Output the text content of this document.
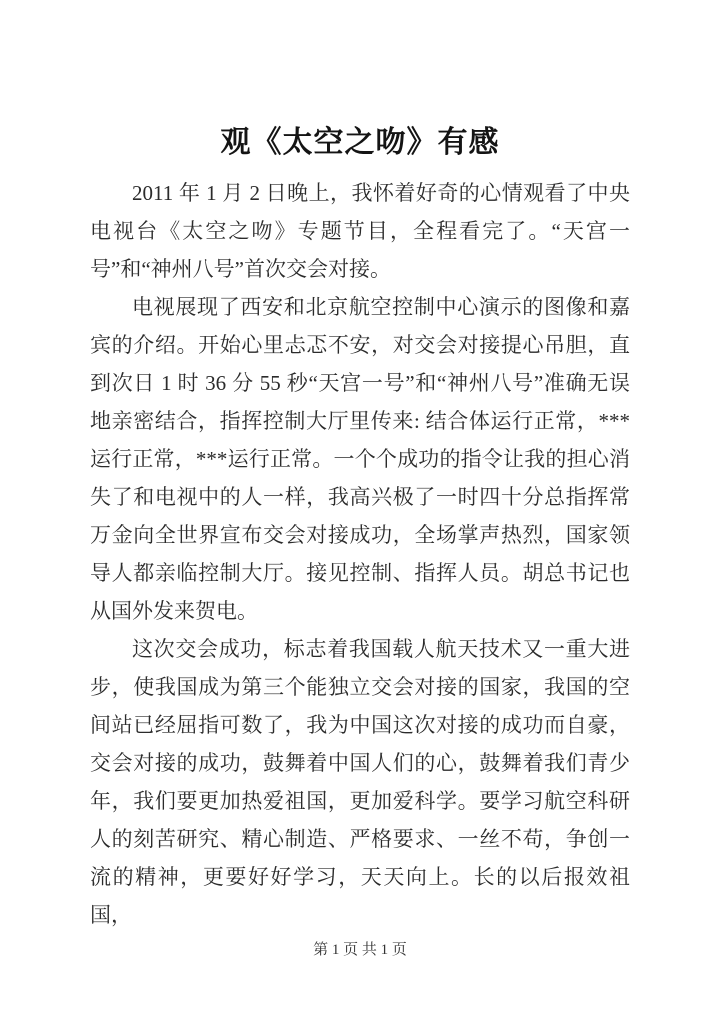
观《太空之吻》有感

2011 年 1 月 2 日晚上，我怀着好奇的心情观看了中央电视台《太空之吻》专题节目，全程看完了。“天宫一号”和“神州八号”首次交会对接。

电视展现了西安和北京航空控制中心演示的图像和嘉宾的介绍。开始心里忐忑不安，对交会对接提心吊胆，直到次日 1 时 36 分 55 秒“天宫一号”和“神州八号”准确无误地亲密结合，指挥控制大厅里传来: 结合体运行正常，***运行正常，***运行正常。一个个成功的指令让我的担心消失了和电视中的人一样，我高兴极了一时四十分总指挥常万金向全世界宣布交会对接成功，全场掌声热烈，国家领导人都亲临控制大厅。接见控制、指挥人员。胡总书记也从国外发来贺电。

这次交会成功，标志着我国载人航天技术又一重大进步，使我国成为第三个能独立交会对接的国家，我国的空间站已经屈指可数了，我为中国这次对接的成功而自豪，交会对接的成功，鼓舞着中国人们的心，鼓舞着我们青少年，我们要更加热爱祖国，更加爱科学。要学习航空科研人的刻苦研究、精心制造、严格要求、一丝不苟，争创一流的精神，更要好好学习，天天向上。长的以后报效祖国，

第 1 页 共 1 页
